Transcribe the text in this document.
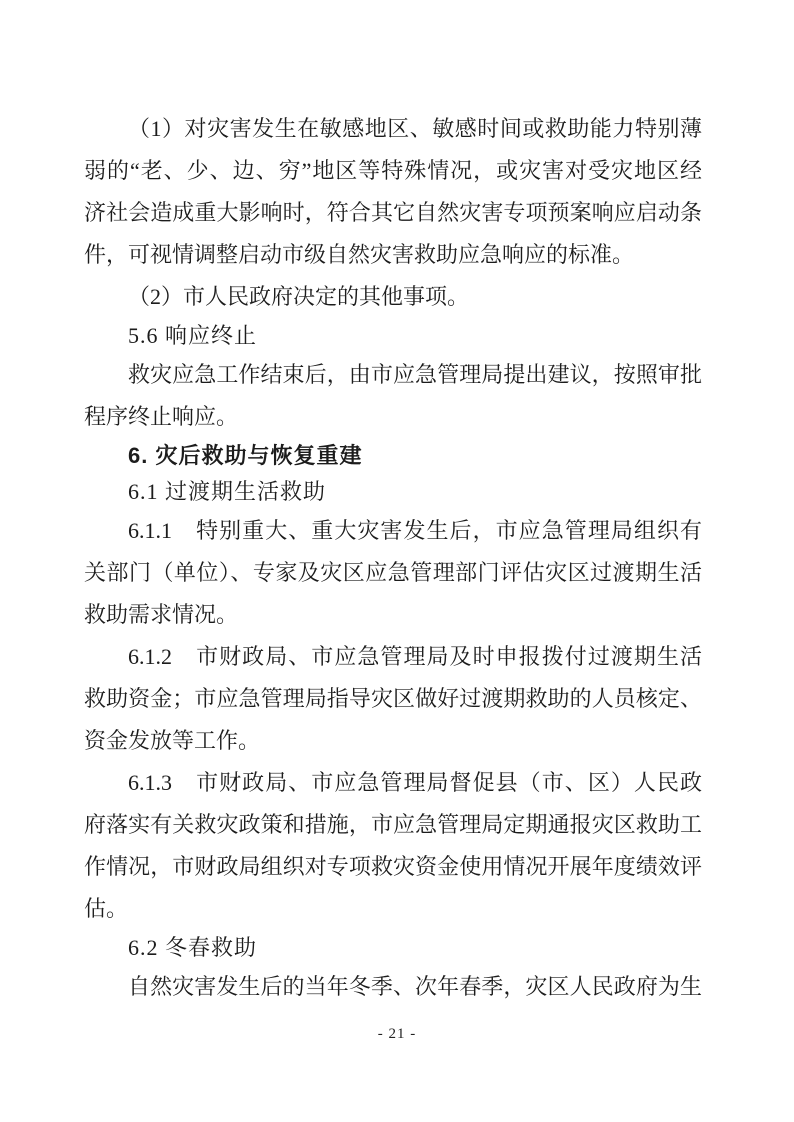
（1）对灾害发生在敏感地区、敏感时间或救助能力特别薄
弱的“老、少、边、穷”地区等特殊情况，或灾害对受灾地区经
济社会造成重大影响时，符合其它自然灾害专项预案响应启动条
件，可视情调整启动市级自然灾害救助应急响应的标准。
（2）市人民政府决定的其他事项。
5.6 响应终止
救灾应急工作结束后，由市应急管理局提出建议，按照审批
程序终止响应。
6. 灾后救助与恢复重建
6.1 过渡期生活救助
6.1.1　特别重大、重大灾害发生后，市应急管理局组织有
关部门（单位）、专家及灾区应急管理部门评估灾区过渡期生活
救助需求情况。
6.1.2　市财政局、市应急管理局及时申报拨付过渡期生活
救助资金；市应急管理局指导灾区做好过渡期救助的人员核定、
资金发放等工作。
6.1.3　市财政局、市应急管理局督促县（市、区）人民政
府落实有关救灾政策和措施，市应急管理局定期通报灾区救助工
作情况，市财政局组织对专项救灾资金使用情况开展年度绩效评
估。
6.2 冬春救助
自然灾害发生后的当年冬季、次年春季，灾区人民政府为生
- 21 -
